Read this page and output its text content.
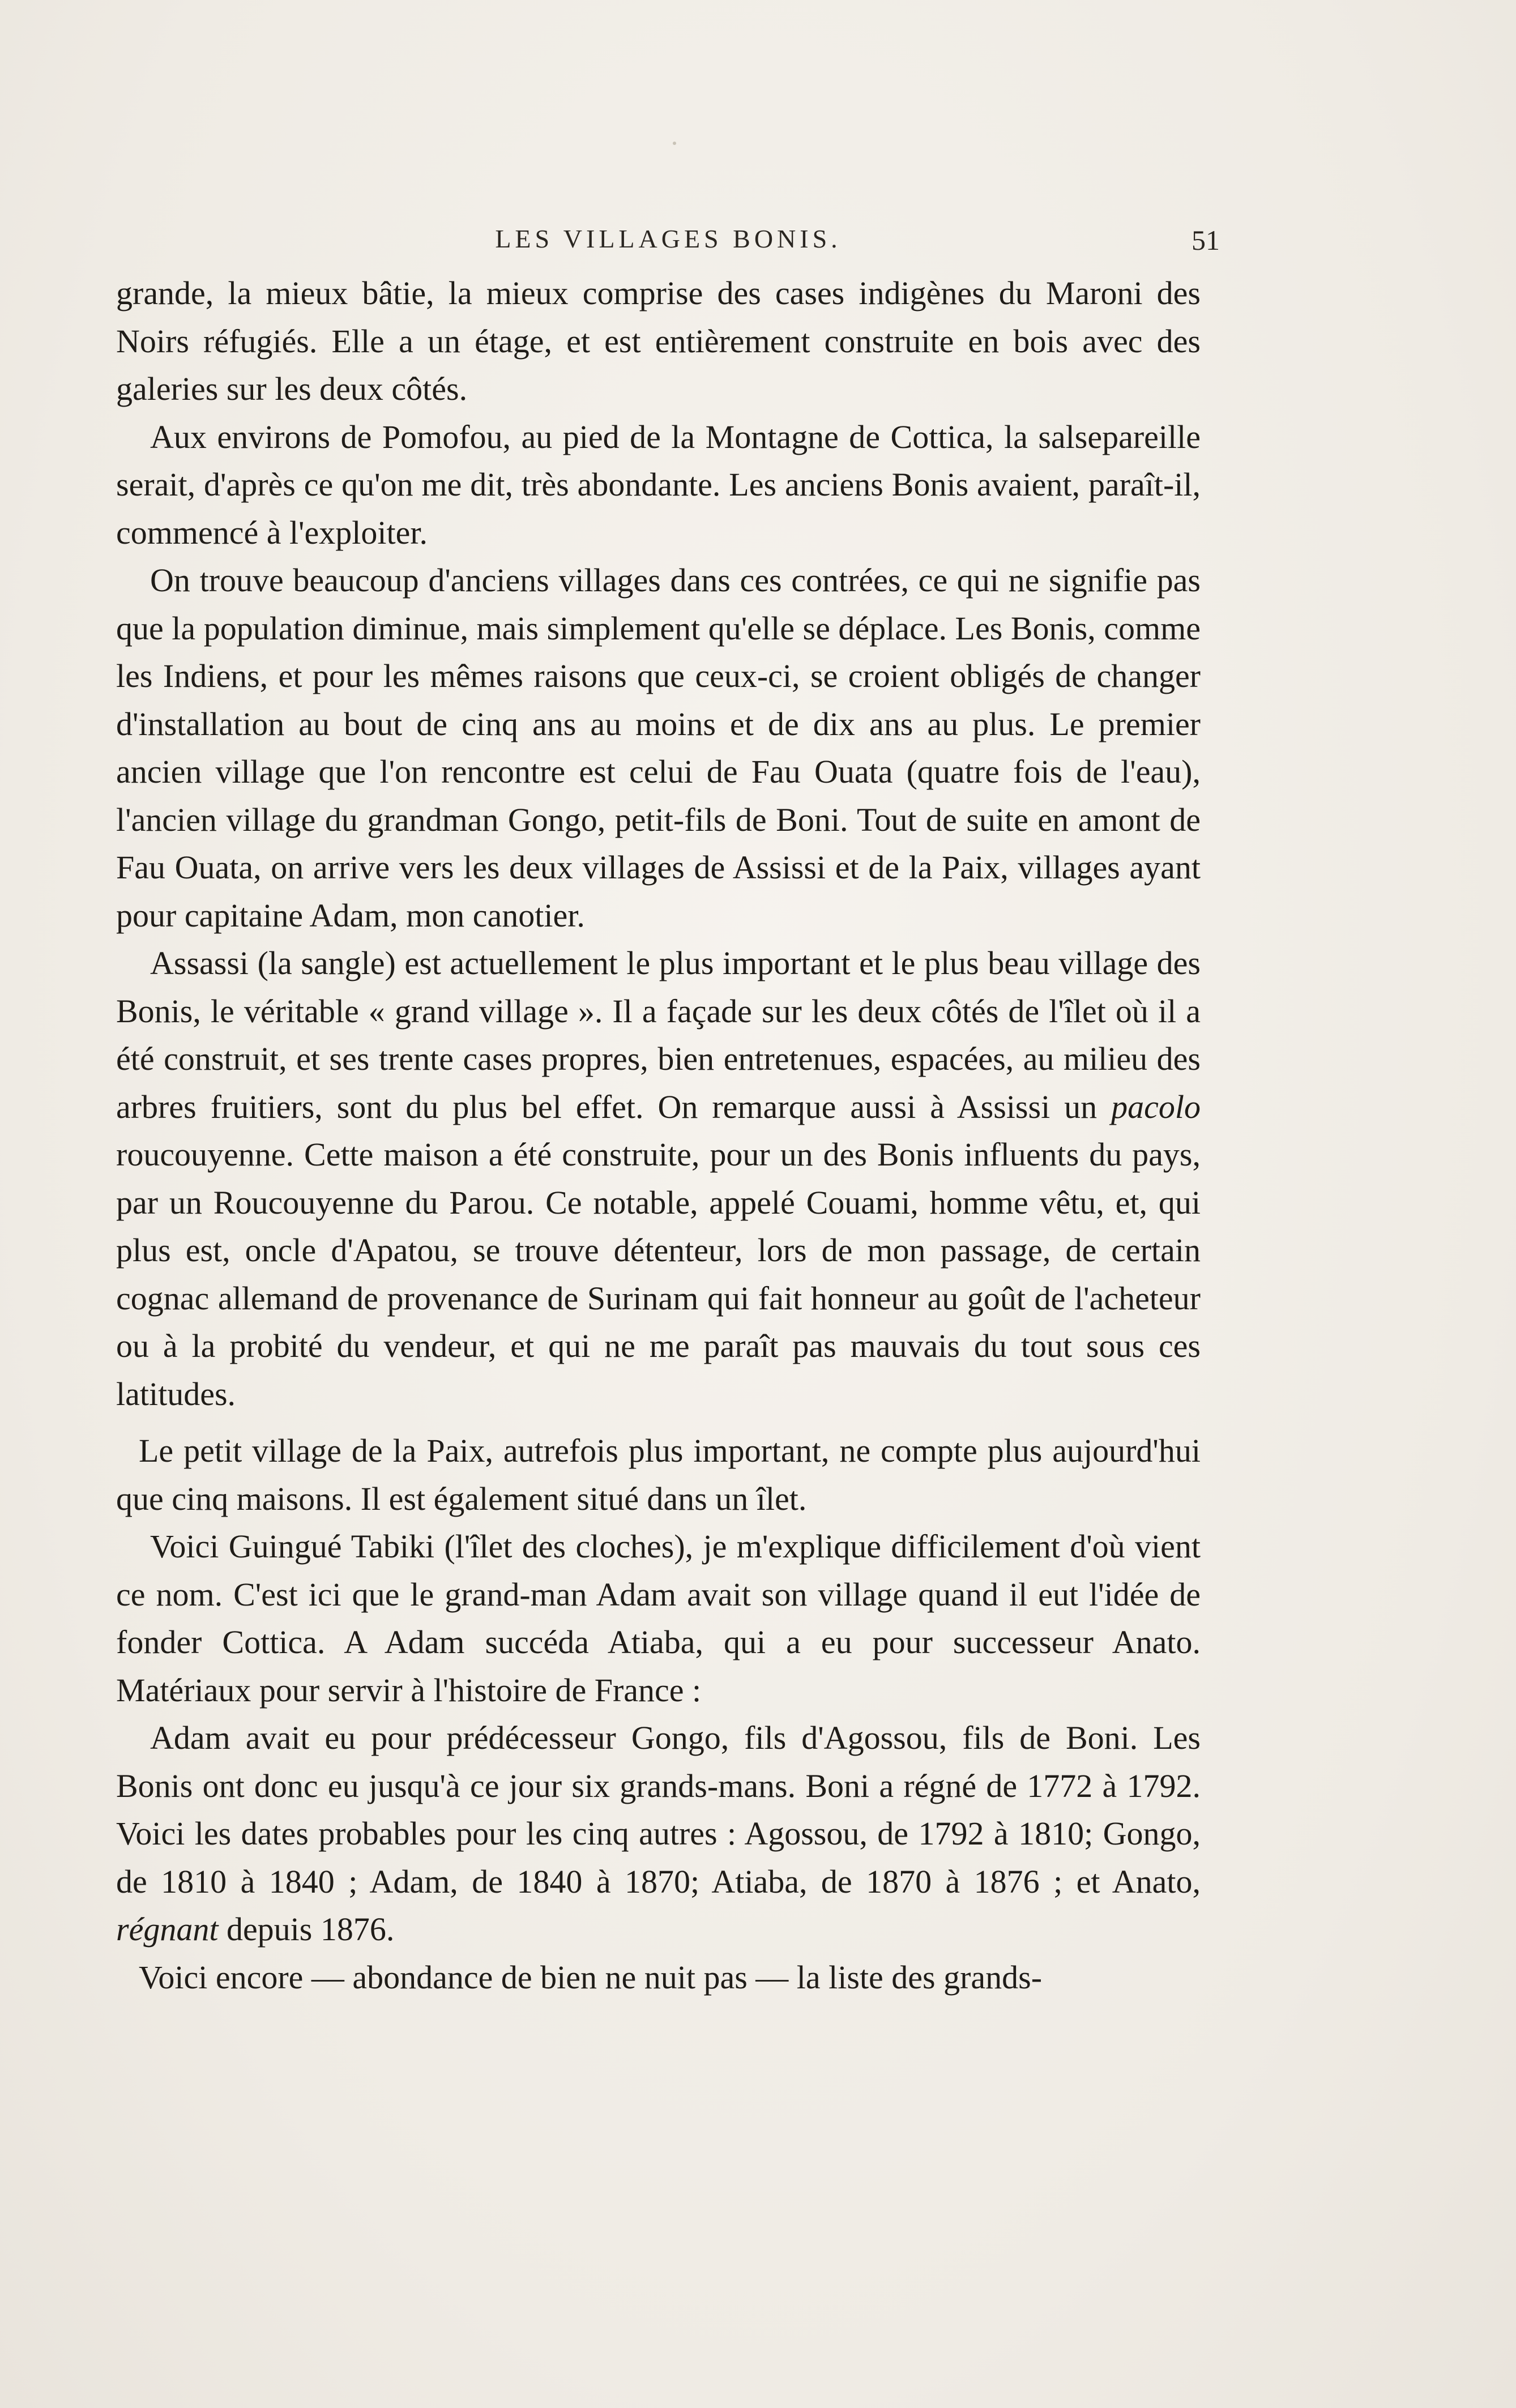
LES VILLAGES BONIS.	51

grande, la mieux bâtie, la mieux comprise des cases indigènes du Maroni des Noirs réfugiés. Elle a un étage, et est entièrement construite en bois avec des galeries sur les deux côtés.

Aux environs de Pomofou, au pied de la Montagne de Cottica, la salsepareille serait, d'après ce qu'on me dit, très abondante. Les anciens Bonis avaient, paraît-il, commencé à l'exploiter.

On trouve beaucoup d'anciens villages dans ces contrées, ce qui ne signifie pas que la population diminue, mais simplement qu'elle se déplace. Les Bonis, comme les Indiens, et pour les mêmes raisons que ceux-ci, se croient obligés de changer d'installation au bout de cinq ans au moins et de dix ans au plus. Le premier ancien village que l'on rencontre est celui de Fau Ouata (quatre fois de l'eau), l'ancien village du grandman Gongo, petit-fils de Boni. Tout de suite en amont de Fau Ouata, on arrive vers les deux villages de Assissi et de la Paix, villages ayant pour capitaine Adam, mon canotier.

Assassi (la sangle) est actuellement le plus important et le plus beau village des Bonis, le véritable « grand village ». Il a façade sur les deux côtés de l'îlet où il a été construit, et ses trente cases propres, bien entretenues, espacées, au milieu des arbres fruitiers, sont du plus bel effet. On remarque aussi à Assissi un pacolo roucouyenne. Cette maison a été construite, pour un des Bonis influents du pays, par un Roucouyenne du Parou. Ce notable, appelé Couami, homme vêtu, et, qui plus est, oncle d'Apatou, se trouve détenteur, lors de mon passage, de certain cognac allemand de provenance de Surinam qui fait honneur au goût de l'acheteur ou à la probité du vendeur, et qui ne me paraît pas mauvais du tout sous ces latitudes.

Le petit village de la Paix, autrefois plus important, ne compte plus aujourd'hui que cinq maisons. Il est également situé dans un îlet.

Voici Guingué Tabiki (l'îlet des cloches), je m'explique difficilement d'où vient ce nom. C'est ici que le grand-man Adam avait son village quand il eut l'idée de fonder Cottica. A Adam succéda Atiaba, qui a eu pour successeur Anato. Matériaux pour servir à l'histoire de France :

Adam avait eu pour prédécesseur Gongo, fils d'Agossou, fils de Boni. Les Bonis ont donc eu jusqu'à ce jour six grands-mans. Boni a régné de 1772 à 1792. Voici les dates probables pour les cinq autres : Agossou, de 1792 à 1810; Gongo, de 1810 à 1840 ; Adam, de 1840 à 1870; Atiaba, de 1870 à 1876 ; et Anato, régnant depuis 1876.

Voici encore — abondance de bien ne nuit pas — la liste des grands-
